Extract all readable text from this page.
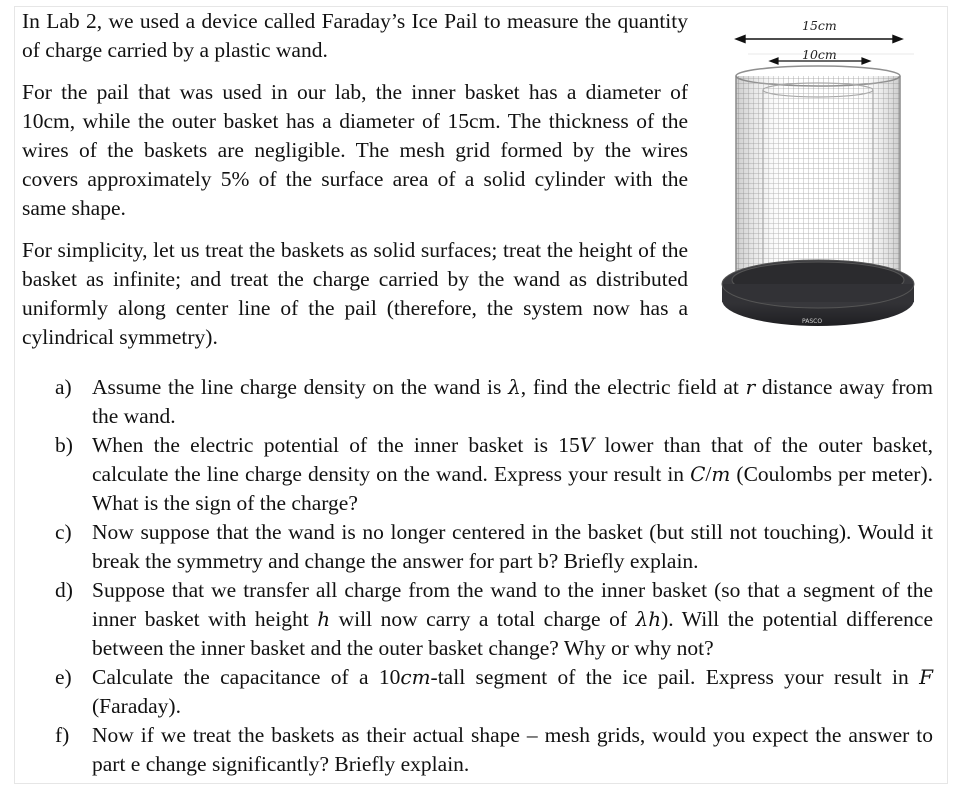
In Lab 2, we used a device called Faraday’s Ice Pail to measure the quantity of charge carried by a plastic wand.

For the pail that was used in our lab, the inner basket has a diameter of 10cm, while the outer basket has a diameter of 15cm. The thickness of the wires of the baskets are negligible. The mesh grid formed by the wires covers approximately 5% of the surface area of a solid cylinder with the same shape.

For simplicity, let us treat the baskets as solid surfaces; treat the height of the basket as infinite; and treat the charge carried by the wand as distributed uniformly along center line of the pail (therefore, the system now has a cylindrical symmetry).

15cm
10cm
PASCO
a) Assume the line charge density on the wand is λ, find the electric field at r distance away from the wand.
b) When the electric potential of the inner basket is 15V lower than that of the outer basket, calculate the line charge density on the wand. Express your result in C/m (Coulombs per meter). What is the sign of the charge?
c) Now suppose that the wand is no longer centered in the basket (but still not touching). Would it break the symmetry and change the answer for part b? Briefly explain.
d) Suppose that we transfer all charge from the wand to the inner basket (so that a segment of the inner basket with height h will now carry a total charge of λh). Will the potential difference between the inner basket and the outer basket change? Why or why not?
e) Calculate the capacitance of a 10cm-tall segment of the ice pail. Express your result in F (Faraday).
f) Now if we treat the baskets as their actual shape – mesh grids, would you expect the answer to part e change significantly? Briefly explain.
